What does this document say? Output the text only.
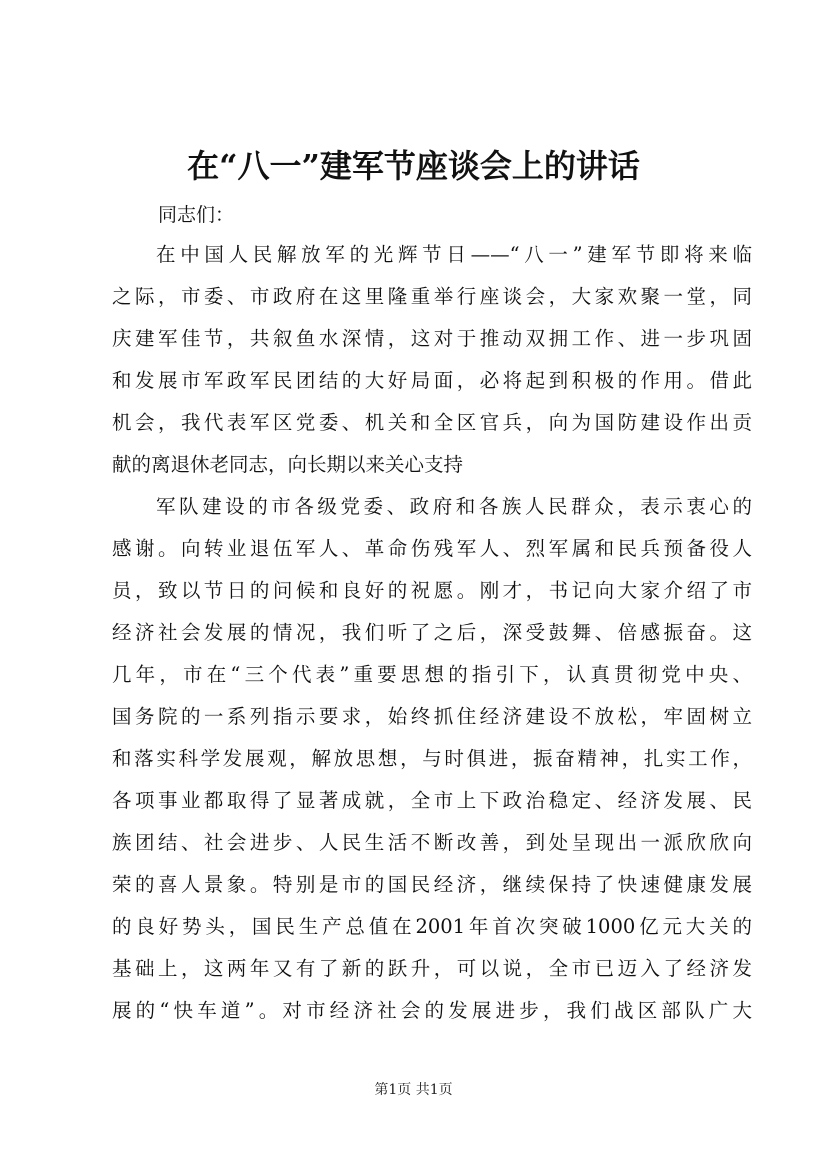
在“八一”建军节座谈会上的讲话
同志们：
在中国人民解放军的光辉节日——“八一”建军节即将来临
之际，市委、市政府在这里隆重举行座谈会，大家欢聚一堂，同
庆建军佳节，共叙鱼水深情，这对于推动双拥工作、进一步巩固
和发展市军政军民团结的大好局面，必将起到积极的作用。借此
机会，我代表军区党委、机关和全区官兵，向为国防建设作出贡
献的离退休老同志，向长期以来关心支持
军队建设的市各级党委、政府和各族人民群众，表示衷心的
感谢。向转业退伍军人、革命伤残军人、烈军属和民兵预备役人
员，致以节日的问候和良好的祝愿。刚才，书记向大家介绍了市
经济社会发展的情况，我们听了之后，深受鼓舞、倍感振奋。这
几年，市在“三个代表”重要思想的指引下，认真贯彻党中央、
国务院的一系列指示要求，始终抓住经济建设不放松，牢固树立
和落实科学发展观，解放思想，与时俱进，振奋精神，扎实工作，
各项事业都取得了显著成就，全市上下政治稳定、经济发展、民
族团结、社会进步、人民生活不断改善，到处呈现出一派欣欣向
荣的喜人景象。特别是市的国民经济，继续保持了快速健康发展
的良好势头，国民生产总值在2001年首次突破1000亿元大关的
基础上，这两年又有了新的跃升，可以说，全市已迈入了经济发
展的“快车道”。对市经济社会的发展进步，我们战区部队广大
第1页 共1页
